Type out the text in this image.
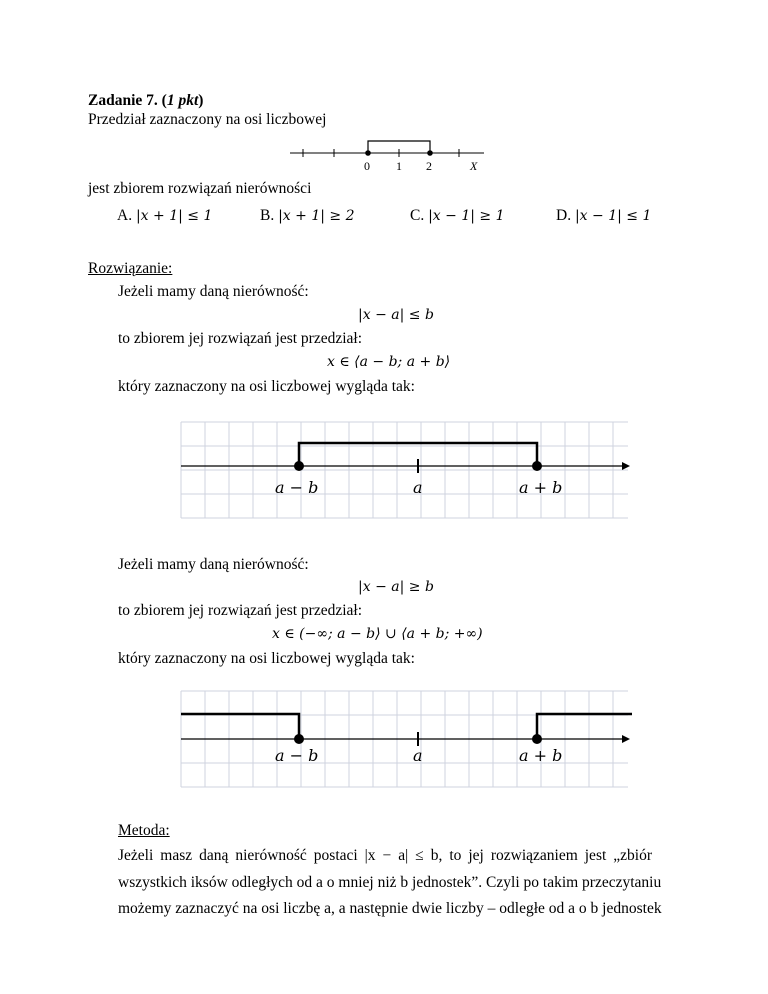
Zadanie 7. (1 pkt)
Przedział zaznaczony na osi liczbowej
0 1 2	X
jest zbiorem rozwiązań nierówności
A. |x + 1| ≤ 1	B. |x + 1| ≥ 2	C. |x − 1| ≥ 1	D. |x − 1| ≤ 1
Rozwiązanie:
Jeżeli mamy daną nierówność:
|x − a| ≤ b
to zbiorem jej rozwiązań jest przedział:
x ∈ ⟨a − b; a + b⟩
który zaznaczony na osi liczbowej wygląda tak:
a − b	a	a + b
Jeżeli mamy daną nierówność:
|x − a| ≥ b
to zbiorem jej rozwiązań jest przedział:
x ∈ (−∞; a − b⟩ ∪ ⟨a + b; +∞)
który zaznaczony na osi liczbowej wygląda tak:
a − b	a	a + b
Metoda:
Jeżeli masz daną nierówność postaci |x − a| ≤ b, to jej rozwiązaniem jest „zbiór
wszystkich iksów odległych od a o mniej niż b jednostek”. Czyli po takim przeczytaniu
możemy zaznaczyć na osi liczbę a, a następnie dwie liczby – odległe od a o b jednostek
